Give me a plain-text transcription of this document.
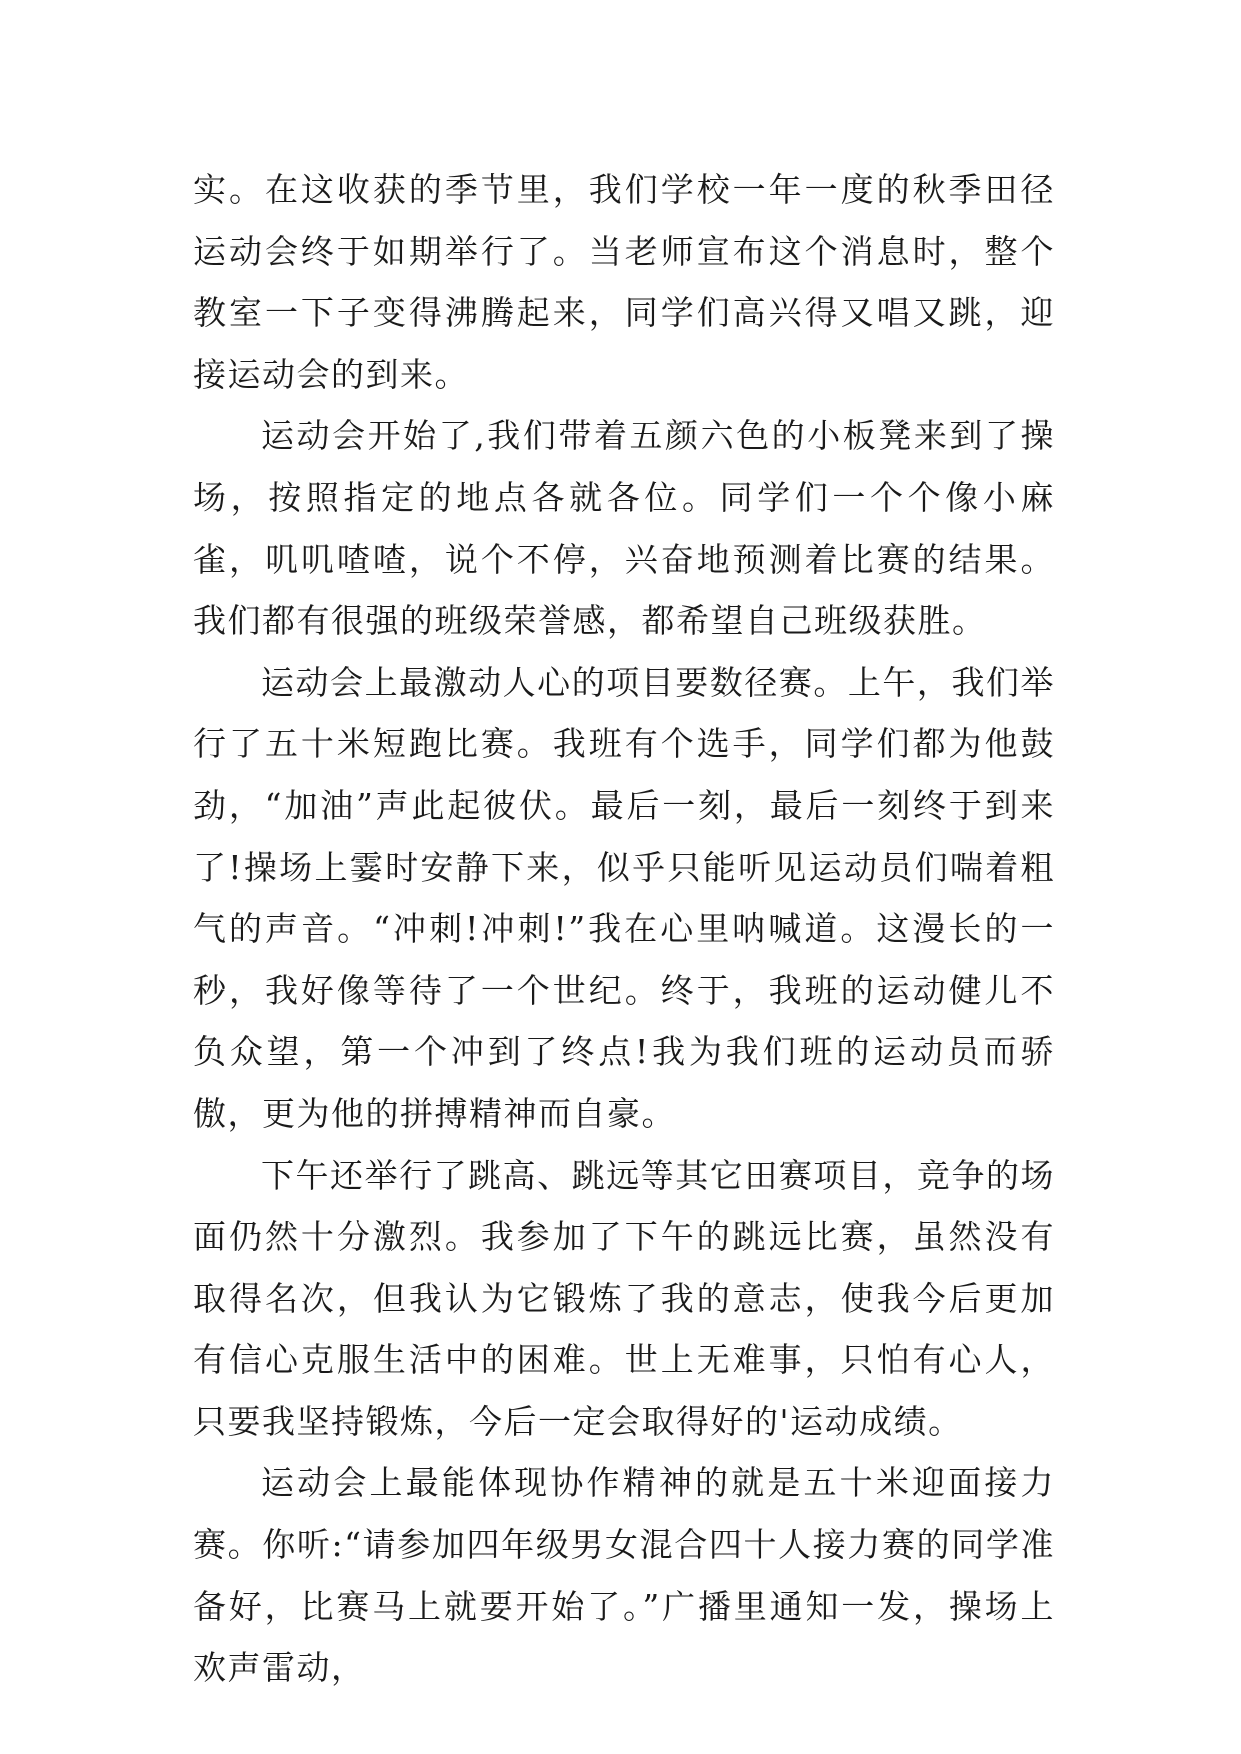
实。在这收获的季节里，我们学校一年一度的秋季田径运动会终于如期举行了。当老师宣布这个消息时，整个教室一下子变得沸腾起来，同学们高兴得又唱又跳，迎接运动会的到来。

运动会开始了,我们带着五颜六色的小板凳来到了操场，按照指定的地点各就各位。同学们一个个像小麻雀，叽叽喳喳，说个不停，兴奋地预测着比赛的结果。我们都有很强的班级荣誉感，都希望自己班级获胜。

运动会上最激动人心的项目要数径赛。上午，我们举行了五十米短跑比赛。我班有个选手，同学们都为他鼓劲，“加油”声此起彼伏。最后一刻，最后一刻终于到来了!操场上霎时安静下来，似乎只能听见运动员们喘着粗气的声音。“冲刺!冲刺!”我在心里呐喊道。这漫长的一秒，我好像等待了一个世纪。终于，我班的运动健儿不负众望，第一个冲到了终点!我为我们班的运动员而骄傲，更为他的拼搏精神而自豪。

下午还举行了跳高、跳远等其它田赛项目，竞争的场面仍然十分激烈。我参加了下午的跳远比赛，虽然没有取得名次，但我认为它锻炼了我的意志，使我今后更加有信心克服生活中的困难。世上无难事，只怕有心人，只要我坚持锻炼，今后一定会取得好的'运动成绩。

运动会上最能体现协作精神的就是五十米迎面接力赛。你听:“请参加四年级男女混合四十人接力赛的同学准备好，比赛马上就要开始了。”广播里通知一发，操场上欢声雷动，
